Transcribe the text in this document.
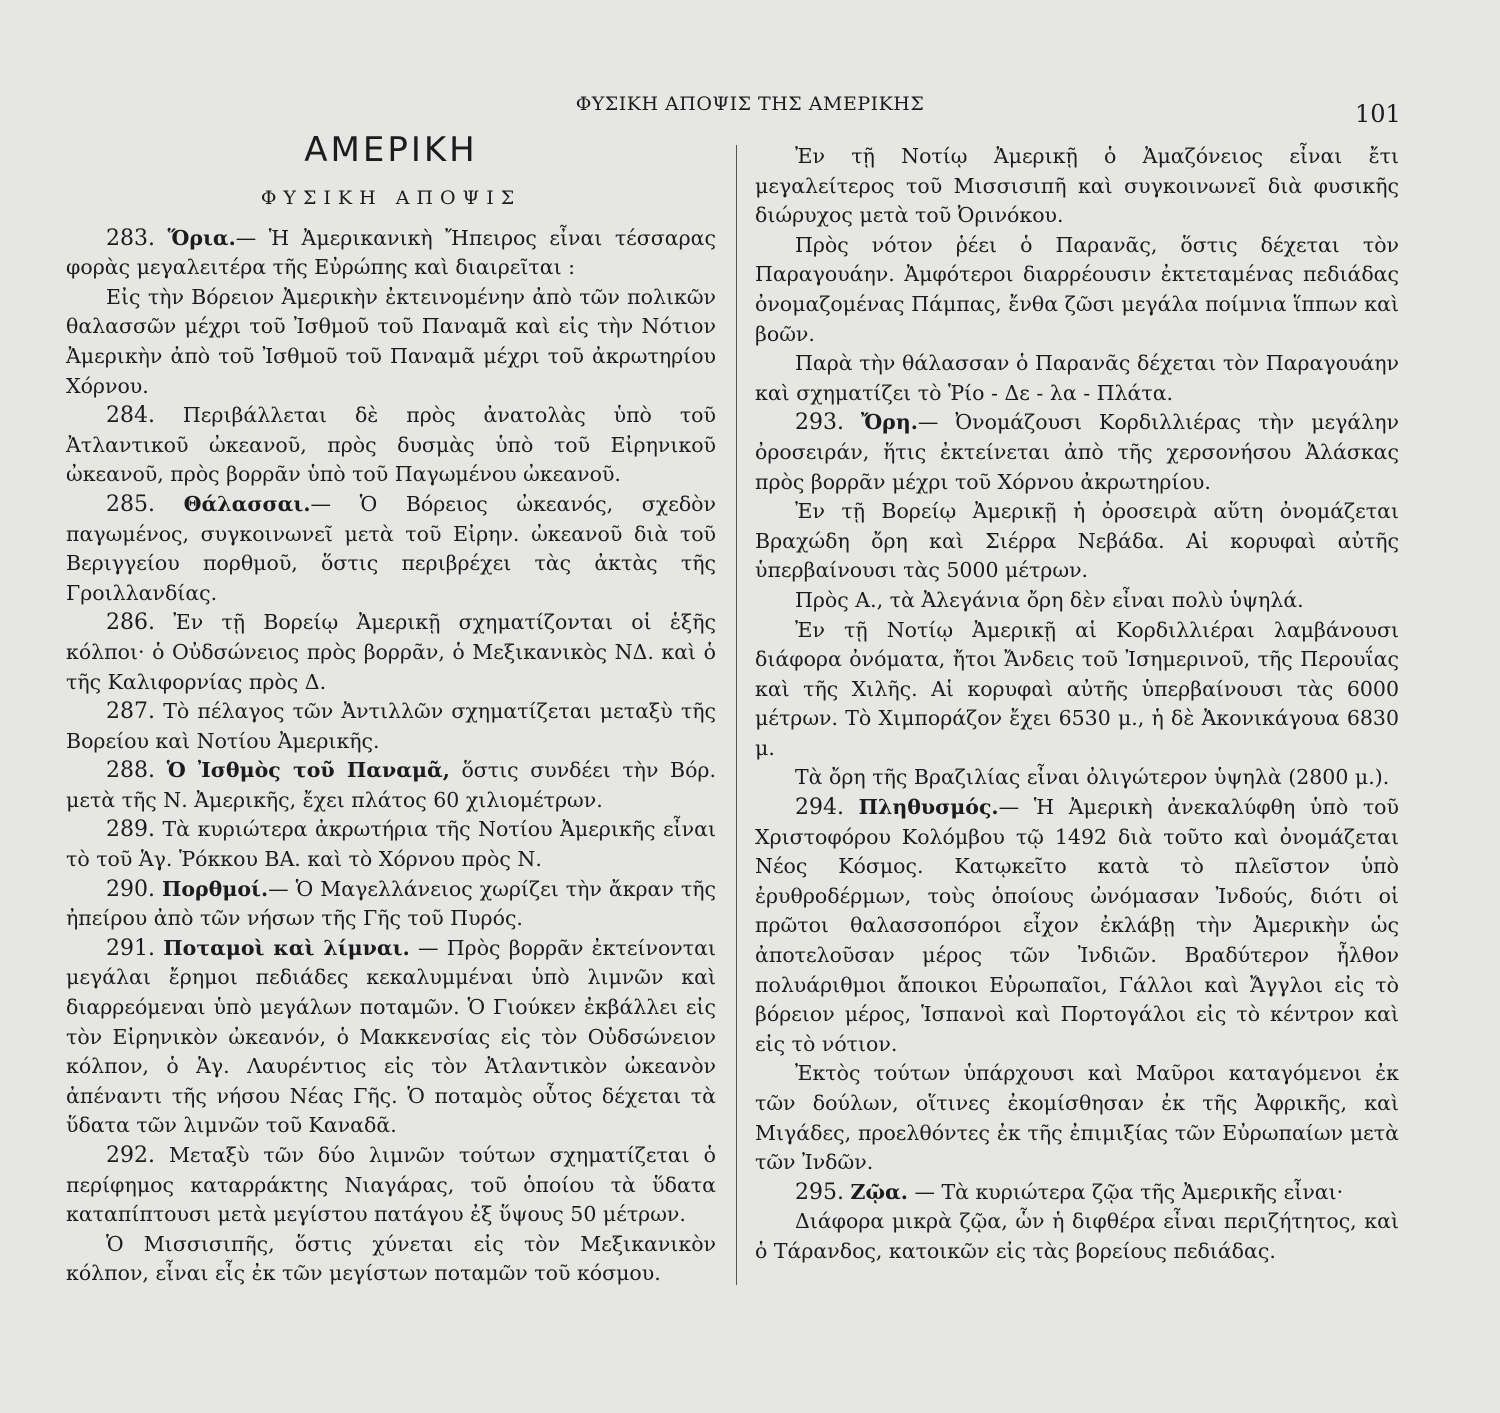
ΦΥΣΙΚΗ ΑΠΟΨΙΣ ΤΗΣ ΑΜΕΡΙΚΗΣ	101
ΑΜΕΡΙΚΗ
ΦΥΣΙΚΗ ΑΠΟΨΙΣ

283. Ὅρια.— Ἡ Ἀμερικανικὴ Ἤπειρος εἶναι τέσσαρας φορὰς μεγαλειτέρα τῆς Εὐρώπης καὶ διαιρεῖται :

Εἰς τὴν Βόρειον Ἀμερικὴν ἐκτεινομένην ἀπὸ τῶν πολικῶν θαλασσῶν μέχρι τοῦ Ἰσθμοῦ τοῦ Παναμᾶ καὶ εἰς τὴν Νότιον Ἀμερικὴν ἀπὸ τοῦ Ἰσθμοῦ τοῦ Παναμᾶ μέχρι τοῦ ἀκρωτηρίου Χόρνου.

284. Περιβάλλεται δὲ πρὸς ἀνατολὰς ὑπὸ τοῦ Ἀτλαντικοῦ ὠκεανοῦ, πρὸς δυσμὰς ὑπὸ τοῦ Εἰρηνικοῦ ὠκεανοῦ, πρὸς βορρᾶν ὑπὸ τοῦ Παγωμένου ὠκεανοῦ.

285. Θάλασσαι.— Ὁ Βόρειος ὠκεανός, σχεδὸν παγωμένος, συγκοινωνεῖ μετὰ τοῦ Εἰρην. ὠκεανοῦ διὰ τοῦ Βεριγγείου πορθμοῦ, ὅστις περιβρέχει τὰς ἀκτὰς τῆς Γροιλλανδίας.

286. Ἐν τῇ Βορείῳ Ἀμερικῇ σχηματίζονται οἱ ἑξῆς κόλποι· ὁ Οὐδσώνειος πρὸς βορρᾶν, ὁ Μεξικανικὸς ΝΔ. καὶ ὁ τῆς Καλιφορνίας πρὸς Δ.

287. Τὸ πέλαγος τῶν Ἀντιλλῶν σχηματίζεται μεταξὺ τῆς Βορείου καὶ Νοτίου Ἀμερικῆς.

288. Ὁ Ἰσθμὸς τοῦ Παναμᾶ, ὅστις συνδέει τὴν Βόρ. μετὰ τῆς Ν. Ἀμερικῆς, ἔχει πλάτος 60 χιλιομέτρων.

289. Τὰ κυριώτερα ἀκρωτήρια τῆς Νοτίου Ἀμερικῆς εἶναι τὸ τοῦ Ἁγ. Ῥόκκου ΒΑ. καὶ τὸ Χόρνου πρὸς Ν.

290. Πορθμοί.— Ὁ Μαγελλάνειος χωρίζει τὴν ἄκραν τῆς ἠπείρου ἀπὸ τῶν νήσων τῆς Γῆς τοῦ Πυρός.

291. Ποταμοὶ καὶ λίμναι. — Πρὸς βορρᾶν ἐκτείνονται μεγάλαι ἔρημοι πεδιάδες κεκαλυμμέναι ὑπὸ λιμνῶν καὶ διαρρεόμεναι ὑπὸ μεγάλων ποταμῶν. Ὁ Γιούκεν ἐκβάλλει εἰς τὸν Εἰρηνικὸν ὠκεανόν, ὁ Μακκενσίας εἰς τὸν Οὐδσώνειον κόλπον, ὁ Ἁγ. Λαυρέντιος εἰς τὸν Ἀτλαντικὸν ὠκεανὸν ἀπέναντι τῆς νήσου Νέας Γῆς. Ὁ ποταμὸς οὗτος δέχεται τὰ ὕδατα τῶν λιμνῶν τοῦ Καναδᾶ.

292. Μεταξὺ τῶν δύο λιμνῶν τούτων σχηματίζεται ὁ περίφημος καταρράκτης Νιαγάρας, τοῦ ὁποίου τὰ ὕδατα καταπίπτουσι μετὰ μεγίστου πατάγου ἐξ ὕψους 50 μέτρων.

Ὁ Μισσισιπῆς, ὅστις χύνεται εἰς τὸν Μεξικανικὸν κόλπον, εἶναι εἷς ἐκ τῶν μεγίστων ποταμῶν τοῦ κόσμου.

Ἐν τῇ Νοτίῳ Ἀμερικῇ ὁ Ἀμαζόνειος εἶναι ἔτι μεγαλείτερος τοῦ Μισσισιπῆ καὶ συγκοινωνεῖ διὰ φυσικῆς διώρυχος μετὰ τοῦ Ὀρινόκου.

Πρὸς νότον ῥέει ὁ Παρανᾶς, ὅστις δέχεται τὸν Παραγουάην. Ἀμφότεροι διαρρέουσιν ἐκτεταμένας πεδιάδας ὀνομαζομένας Πάμπας, ἔνθα ζῶσι μεγάλα ποίμνια ἵππων καὶ βοῶν.

Παρὰ τὴν θάλασσαν ὁ Παρανᾶς δέχεται τὸν Παραγουάην καὶ σχηματίζει τὸ Ῥίο - Δε - λα - Πλάτα.

293. Ὄρη.— Ὀνομάζουσι Κορδιλλιέρας τὴν μεγάλην ὀροσειράν, ἥτις ἐκτείνεται ἀπὸ τῆς χερσονήσου Ἀλάσκας πρὸς βορρᾶν μέχρι τοῦ Χόρνου ἀκρωτηρίου.

Ἐν τῇ Βορείῳ Ἀμερικῇ ἡ ὀροσειρὰ αὕτη ὀνομάζεται Βραχώδη ὄρη καὶ Σιέρρα Νεβάδα. Αἱ κορυφαὶ αὐτῆς ὑπερβαίνουσι τὰς 5000 μέτρων.

Πρὸς Α., τὰ Ἀλεγάνια ὄρη δὲν εἶναι πολὺ ὑψηλά.

Ἐν τῇ Νοτίῳ Ἀμερικῇ αἱ Κορδιλλιέραι λαμβάνουσι διάφορα ὀνόματα, ἤτοι Ἄνδεις τοῦ Ἰσημερινοῦ, τῆς Περουΐας καὶ τῆς Χιλῆς. Αἱ κορυφαὶ αὐτῆς ὑπερβαίνουσι τὰς 6000 μέτρων. Τὸ Χιμποράζον ἔχει 6530 μ., ἡ δὲ Ἀκονικάγουα 6830 μ.

Τὰ ὄρη τῆς Βραζιλίας εἶναι ὀλιγώτερον ὑψηλὰ (2800 μ.).

294. Πληθυσμός.— Ἡ Ἀμερικὴ ἀνεκαλύφθη ὑπὸ τοῦ Χριστοφόρου Κολόμβου τῷ 1492 διὰ τοῦτο καὶ ὀνομάζεται Νέος Κόσμος. Κατῳκεῖτο κατὰ τὸ πλεῖστον ὑπὸ ἐρυθροδέρμων, τοὺς ὁποίους ὠνόμασαν Ἰνδούς, διότι οἱ πρῶτοι θαλασσοπόροι εἶχον ἐκλάβῃ τὴν Ἀμερικὴν ὡς ἀποτελοῦσαν μέρος τῶν Ἰνδιῶν. Βραδύτερον ἦλθον πολυάριθμοι ἄποικοι Εὐρωπαῖοι, Γάλλοι καὶ Ἄγγλοι εἰς τὸ βόρειον μέρος, Ἱσπανοὶ καὶ Πορτογάλοι εἰς τὸ κέντρον καὶ εἰς τὸ νότιον.

Ἐκτὸς τούτων ὑπάρχουσι καὶ Μαῦροι καταγόμενοι ἐκ τῶν δούλων, οἵτινες ἐκομίσθησαν ἐκ τῆς Ἀφρικῆς, καὶ Μιγάδες, προελθόντες ἐκ τῆς ἐπιμιξίας τῶν Εὐρωπαίων μετὰ τῶν Ἰνδῶν.

295. Ζῷα. — Τὰ κυριώτερα ζῷα τῆς Ἀμερικῆς εἶναι·

Διάφορα μικρὰ ζῷα, ὧν ἡ διφθέρα εἶναι περιζήτητος, καὶ ὁ Τάρανδος, κατοικῶν εἰς τὰς βορείους πεδιάδας.
